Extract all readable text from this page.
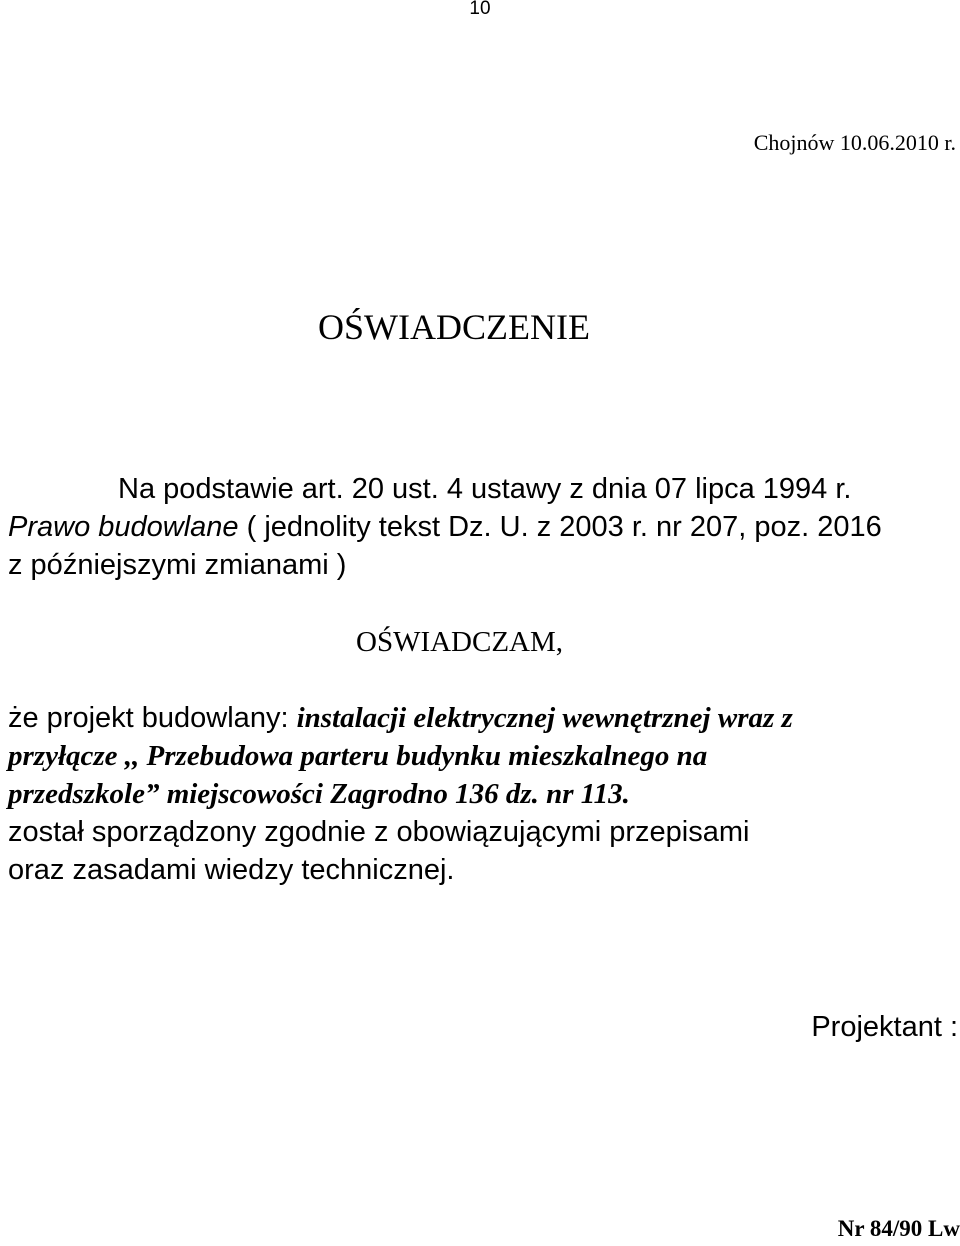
10
Chojnów 10.06.2010 r.
OŚWIADCZENIE
Na podstawie art. 20 ust. 4 ustawy z dnia 07 lipca 1994 r.
Prawo budowlane ( jednolity tekst Dz. U. z 2003 r. nr 207, poz. 2016
z późniejszymi zmianami )
OŚWIADCZAM,
że projekt budowlany: instalacji elektrycznej wewnętrznej wraz z
przyłącze ,, Przebudowa parteru budynku mieszkalnego na
przedszkole” miejscowości Zagrodno 136 dz. nr 113.
został sporządzony zgodnie z obowiązującymi przepisami
oraz zasadami wiedzy technicznej.
Projektant :
Nr 84/90 Lw
